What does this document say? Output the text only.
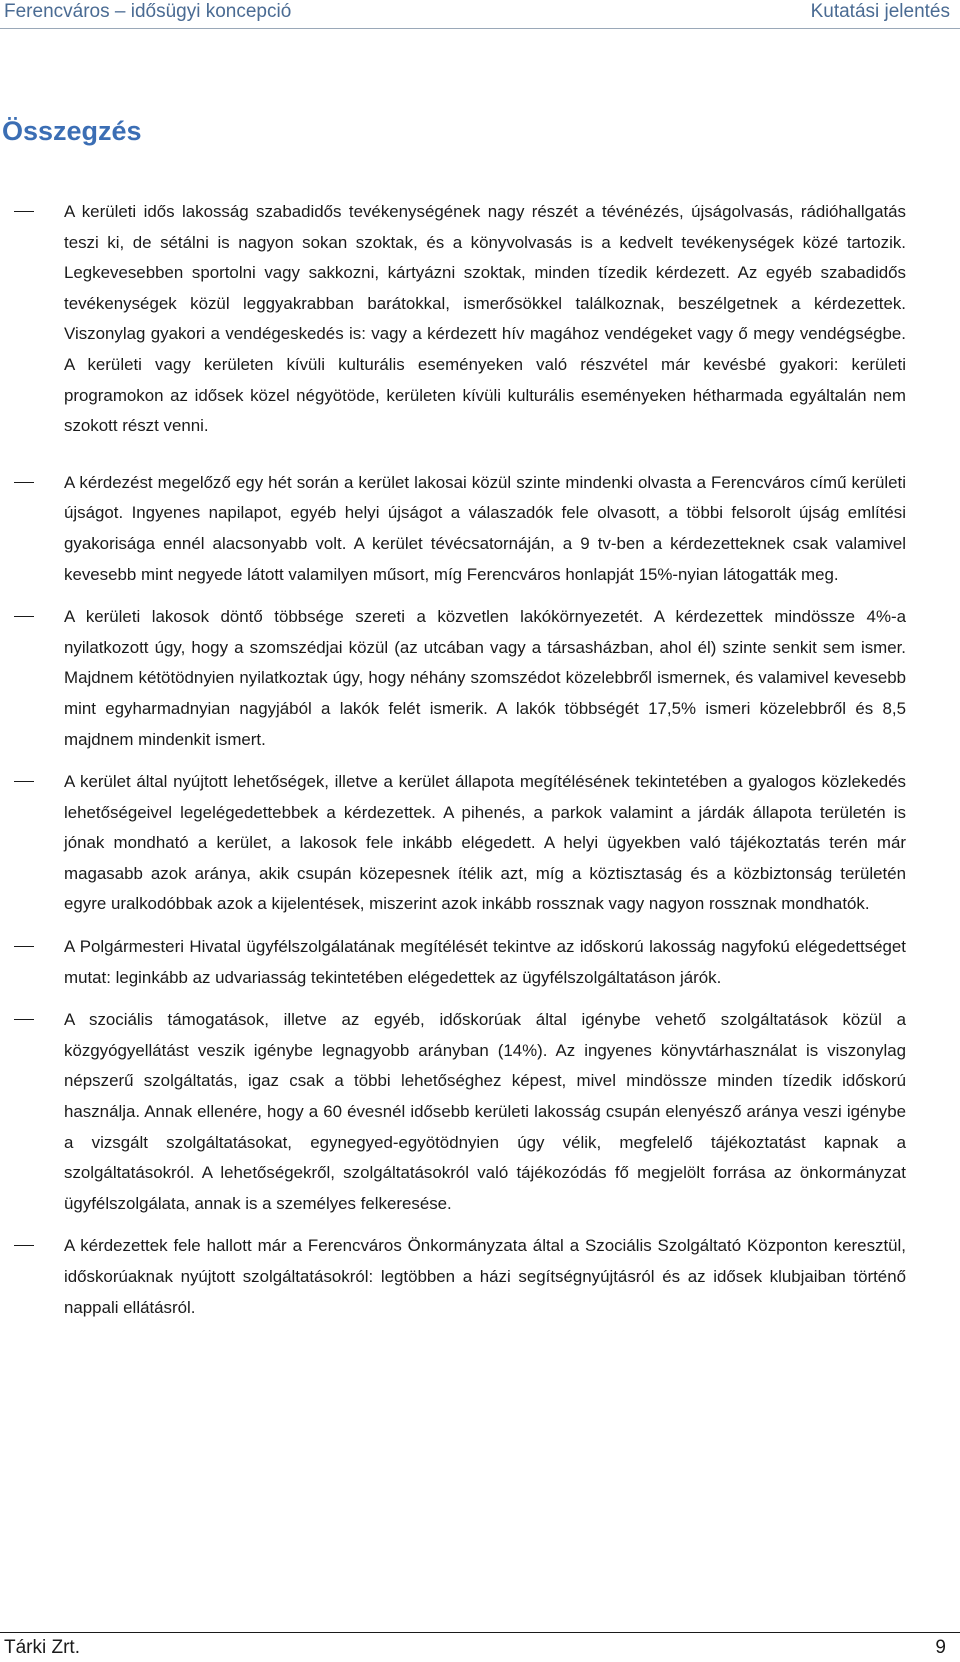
Ferencváros – idősügyi koncepció	Kutatási jelentés
Összegzés

A kerületi idős lakosság szabadidős tevékenységének nagy részét a tévénézés, újságolvasás, rádióhallgatás teszi ki, de sétálni is nagyon sokan szoktak, és a könyvolvasás is a kedvelt tevékenységek közé tartozik. Legkevesebben sportolni vagy sakkozni, kártyázni szoktak, minden tízedik kérdezett. Az egyéb szabadidős tevékenységek közül leggyakrabban barátokkal, ismerősökkel találkoznak, beszélgetnek a kérdezettek. Viszonylag gyakori a vendégeskedés is: vagy a kérdezett hív magához vendégeket vagy ő megy vendégségbe. A kerületi vagy kerületen kívüli kulturális eseményeken való részvétel már kevésbé gyakori: kerületi programokon az idősek közel négyötöde, kerületen kívüli kulturális eseményeken hétharmada egyáltalán nem szokott részt venni.

A kérdezést megelőző egy hét során a kerület lakosai közül szinte mindenki olvasta a Ferencváros című kerületi újságot. Ingyenes napilapot, egyéb helyi újságot a válaszadók fele olvasott, a többi felsorolt újság említési gyakorisága ennél alacsonyabb volt. A kerület tévécsatornáján, a 9 tv-ben a kérdezetteknek csak valamivel kevesebb mint negyede látott valamilyen műsort, míg Ferencváros honlapját 15%-nyian látogatták meg.

A kerületi lakosok döntő többsége szereti a közvetlen lakókörnyezetét. A kérdezettek mindössze 4%-a nyilatkozott úgy, hogy a szomszédjai közül (az utcában vagy a társasházban, ahol él) szinte senkit sem ismer. Majdnem kétötödnyien nyilatkoztak úgy, hogy néhány szomszédot közelebbről ismernek, és valamivel kevesebb mint egyharmadnyian nagyjából a lakók felét ismerik. A lakók többségét 17,5% ismeri közelebbről és 8,5 majdnem mindenkit ismert.

A kerület által nyújtott lehetőségek, illetve a kerület állapota megítélésének tekintetében a gyalogos közlekedés lehetőségeivel legelégedettebbek a kérdezettek. A pihenés, a parkok valamint a járdák állapota területén is jónak mondható a kerület, a lakosok fele inkább elégedett. A helyi ügyekben való tájékoztatás terén már magasabb azok aránya, akik csupán közepesnek ítélik azt, míg a köztisztaság és a közbiztonság területén egyre uralkodóbbak azok a kijelentések, miszerint azok inkább rossznak vagy nagyon rossznak mondhatók.

A Polgármesteri Hivatal ügyfélszolgálatának megítélését tekintve az időskorú lakosság nagyfokú elégedettséget mutat: leginkább az udvariasság tekintetében elégedettek az ügyfélszolgáltatáson járók.

A szociális támogatások, illetve az egyéb, időskorúak által igénybe vehető szolgáltatások közül a közgyógyellátást veszik igénybe legnagyobb arányban (14%). Az ingyenes könyvtárhasználat is viszonylag népszerű szolgáltatás, igaz csak a többi lehetőséghez képest, mivel mindössze minden tízedik időskorú használja. Annak ellenére, hogy a 60 évesnél idősebb kerületi lakosság csupán elenyésző aránya veszi igénybe a vizsgált szolgáltatásokat, egynegyed-egyötödnyien úgy vélik, megfelelő tájékoztatást kapnak a szolgáltatásokról. A lehetőségekről, szolgáltatásokról való tájékozódás fő megjelölt forrása az önkormányzat ügyfélszolgálata, annak is a személyes felkeresése.

A kérdezettek fele hallott már a Ferencváros Önkormányzata által a Szociális Szolgáltató Központon keresztül, időskorúaknak nyújtott szolgáltatásokról: legtöbben a házi segítségnyújtásról és az idősek klubjaiban történő nappali ellátásról.

Tárki Zrt.	9
